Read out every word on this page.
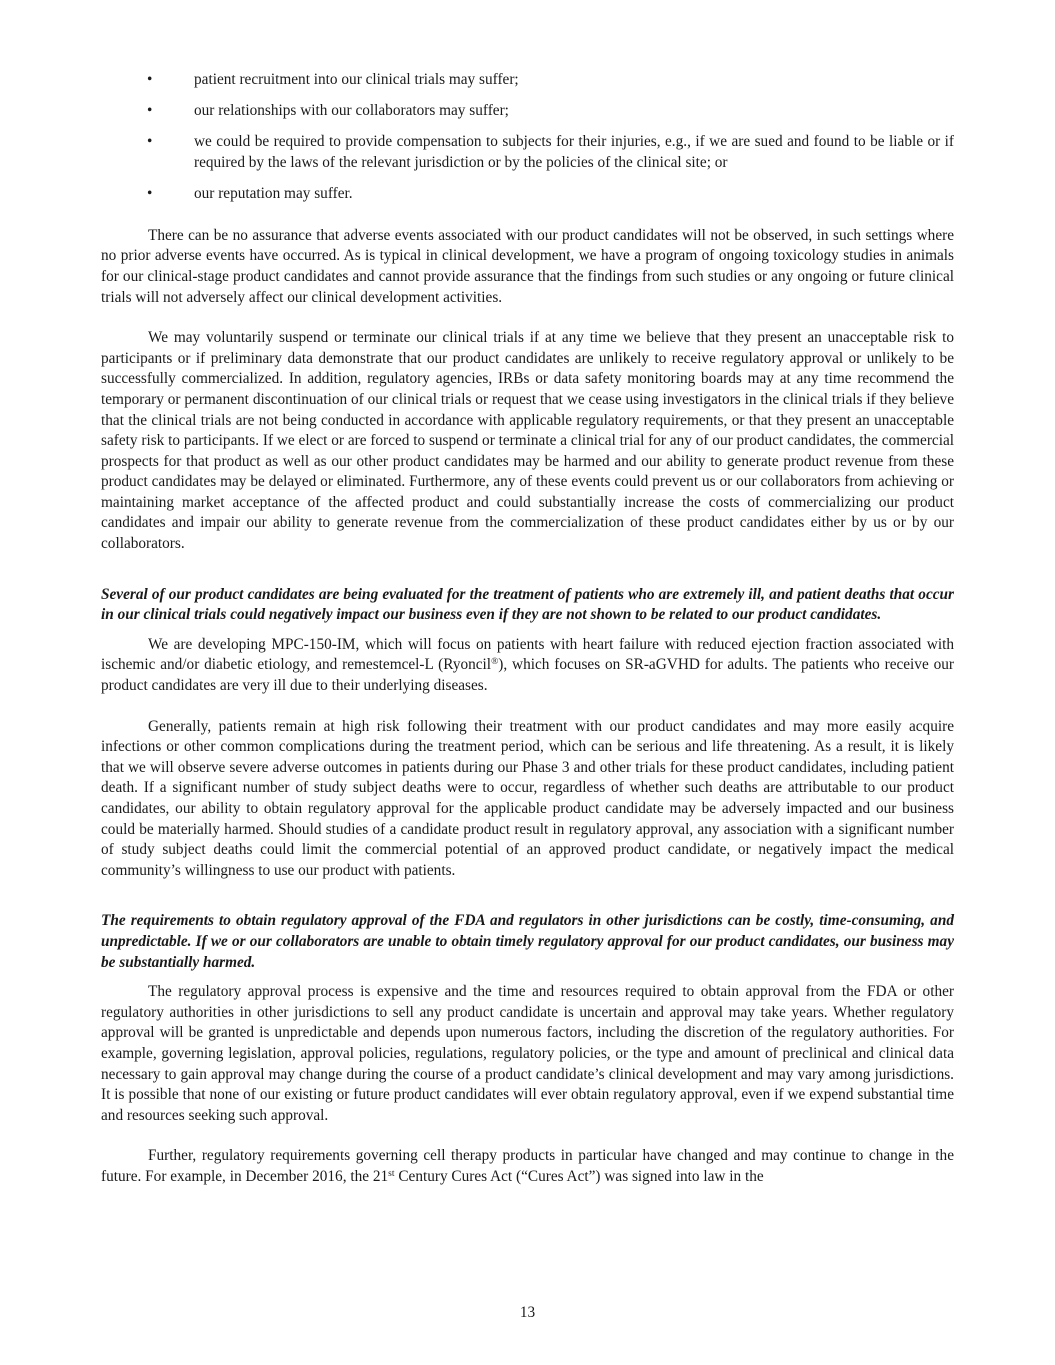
•	patient recruitment into our clinical trials may suffer;
•	our relationships with our collaborators may suffer;
•	we could be required to provide compensation to subjects for their injuries, e.g., if we are sued and found to be liable or if required by the laws of the relevant jurisdiction or by the policies of the clinical site; or
•	our reputation may suffer.

There can be no assurance that adverse events associated with our product candidates will not be observed, in such settings where no prior adverse events have occurred. As is typical in clinical development, we have a program of ongoing toxicology studies in animals for our clinical-stage product candidates and cannot provide assurance that the findings from such studies or any ongoing or future clinical trials will not adversely affect our clinical development activities.

We may voluntarily suspend or terminate our clinical trials if at any time we believe that they present an unacceptable risk to participants or if preliminary data demonstrate that our product candidates are unlikely to receive regulatory approval or unlikely to be successfully commercialized. In addition, regulatory agencies, IRBs or data safety monitoring boards may at any time recommend the temporary or permanent discontinuation of our clinical trials or request that we cease using investigators in the clinical trials if they believe that the clinical trials are not being conducted in accordance with applicable regulatory requirements, or that they present an unacceptable safety risk to participants. If we elect or are forced to suspend or terminate a clinical trial for any of our product candidates, the commercial prospects for that product as well as our other product candidates may be harmed and our ability to generate product revenue from these product candidates may be delayed or eliminated. Furthermore, any of these events could prevent us or our collaborators from achieving or maintaining market acceptance of the affected product and could substantially increase the costs of commercializing our product candidates and impair our ability to generate revenue from the commercialization of these product candidates either by us or by our collaborators.

Several of our product candidates are being evaluated for the treatment of patients who are extremely ill, and patient deaths that occur in our clinical trials could negatively impact our business even if they are not shown to be related to our product candidates.

We are developing MPC-150-IM, which will focus on patients with heart failure with reduced ejection fraction associated with ischemic and/or diabetic etiology, and remestemcel-L (Ryoncil®), which focuses on SR-aGVHD for adults. The patients who receive our product candidates are very ill due to their underlying diseases.

Generally, patients remain at high risk following their treatment with our product candidates and may more easily acquire infections or other common complications during the treatment period, which can be serious and life threatening. As a result, it is likely that we will observe severe adverse outcomes in patients during our Phase 3 and other trials for these product candidates, including patient death. If a significant number of study subject deaths were to occur, regardless of whether such deaths are attributable to our product candidates, our ability to obtain regulatory approval for the applicable product candidate may be adversely impacted and our business could be materially harmed. Should studies of a candidate product result in regulatory approval, any association with a significant number of study subject deaths could limit the commercial potential of an approved product candidate, or negatively impact the medical community’s willingness to use our product with patients.

The requirements to obtain regulatory approval of the FDA and regulators in other jurisdictions can be costly, time-consuming, and unpredictable. If we or our collaborators are unable to obtain timely regulatory approval for our product candidates, our business may be substantially harmed.

The regulatory approval process is expensive and the time and resources required to obtain approval from the FDA or other regulatory authorities in other jurisdictions to sell any product candidate is uncertain and approval may take years. Whether regulatory approval will be granted is unpredictable and depends upon numerous factors, including the discretion of the regulatory authorities. For example, governing legislation, approval policies, regulations, regulatory policies, or the type and amount of preclinical and clinical data necessary to gain approval may change during the course of a product candidate’s clinical development and may vary among jurisdictions. It is possible that none of our existing or future product candidates will ever obtain regulatory approval, even if we expend substantial time and resources seeking such approval.

Further, regulatory requirements governing cell therapy products in particular have changed and may continue to change in the future. For example, in December 2016, the 21st Century Cures Act (“Cures Act”) was signed into law in the

13
